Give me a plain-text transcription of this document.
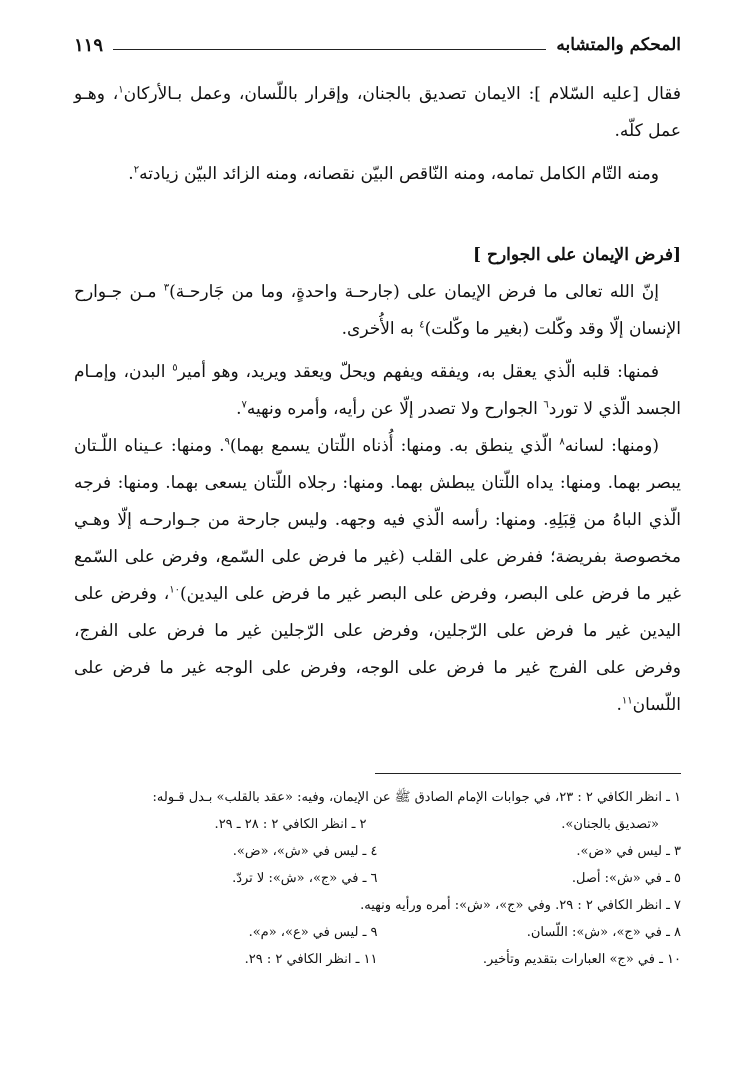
المحكم والمتشابه
١١٩

فقال [عليه السّلام ]: الايمان تصديق بالجنان، وإقرار باللّسان، وعمل بـالأركان$^١$، وهـو عمل كلّه.

ومنه التّام الكامل تمامه، ومنه النّاقص البيّن نقصانه، ومنه الزائد البيّن زيادته$^٢$.

[فرض الإيمان على الجوارح ]

إنّ الله تعالى ما فرض الإيمان على (جارحـة واحدةٍ، وما من جَارحـة)$^٣$ مـن جـوارح الإنسان إلّا وقد وكّلت (بغير ما وكّلت)$^٤$ به الأُخرى.

فمنها: قلبه الّذي يعقل به، ويفقه ويفهم ويحلّ ويعقد ويريد، وهو أمير$^٥$ البدن، وإمـام الجسد الّذي لا تورد$^٦$ الجوارح ولا تصدر إلّا عن رأيه، وأمره ونهيه$^٧$.

(ومنها: لسانه$^٨$ الّذي ينطق به. ومنها: أُذناه اللّتان يسمع بهما)$^٩$. ومنها: عـيناه اللّـتان يبصر بهما. ومنها: يداه اللّتان يبطش بهما. ومنها: رجلاه اللّتان يسعى بهما. ومنها: فرجه الّذي الباهُ من قِبَلِهِ. ومنها: رأسه الّذي فيه وجهه. وليس جارحة من جـوارحـه إلّا وهـي مخصوصة بفريضة؛ ففرض على القلب (غير ما فرض على السّمع، وفرض على السّمع غير ما فرض على البصر، وفرض على البصر غير ما فرض على اليدين)$^{١٠}$، وفرض على اليدين غير ما فرض على الرّجلين، وفرض على الرّجلين غير ما فرض على الفرج، وفرض على الفرج غير ما فرض على الوجه، وفرض على الوجه غير ما فرض على اللّسان$^{١١}$.

١ ـ انظر الكافي ٢ : ٢٣، في جوابات الإمام الصادق ﷺ عن الإيمان، وفيه: «عقد بالقلب» بـدل قـوله:
«تصديق بالجنان».
٢ ـ انظر الكافي ٢ : ٢٨ ـ ٢٩.
٣ ـ ليس في «ض».
٤ ـ ليس في «ش»، «ض».
٥ ـ في «ش»: أصل.
٦ ـ في «ج»، «ش»: لا تردّ.
٧ ـ انظر الكافي ٢ : ٢٩. وفي «ج»، «ش»: أمره ورأيه ونهيه.
٨ ـ في «ج»، «ش»: اللّسان.
٩ ـ ليس في «ع»، «م».
١٠ ـ في «ج» العبارات بتقديم وتأخير.
١١ ـ انظر الكافي ٢ : ٢٩.
